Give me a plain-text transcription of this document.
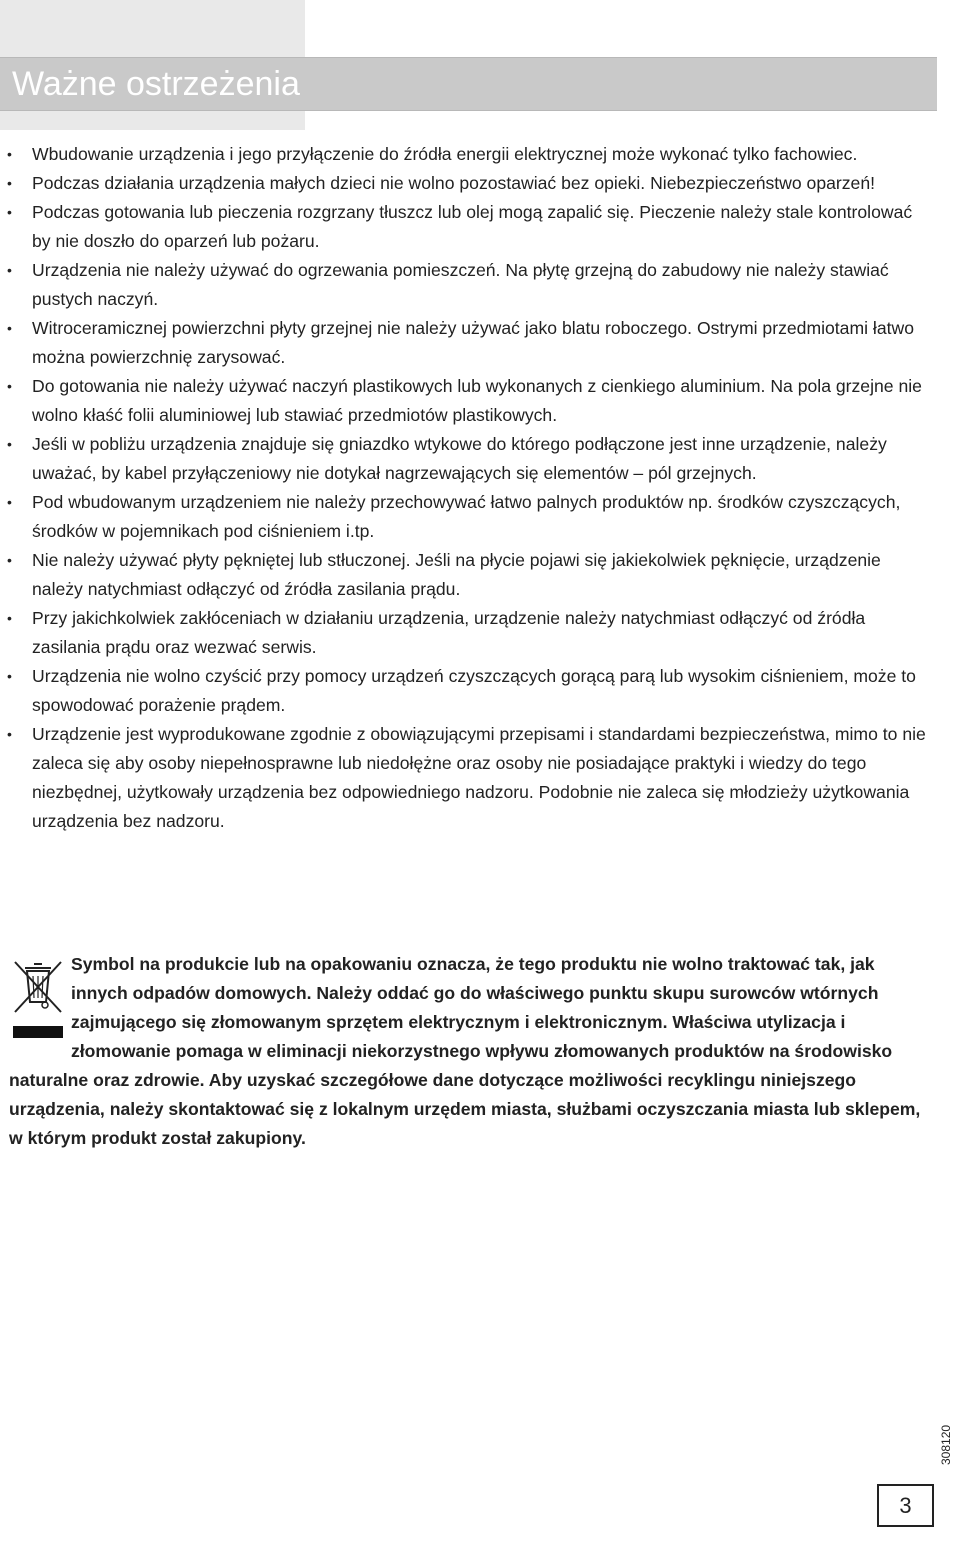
Ważne ostrzeżenia
• Wbudowanie urządzenia i jego przyłączenie do źródła energii elektrycznej może wykonać tylko fachowiec.
• Podczas działania urządzenia małych dzieci nie wolno pozostawiać bez opieki. Niebezpieczeństwo oparzeń!
• Podczas gotowania lub pieczenia rozgrzany tłuszcz lub olej mogą zapalić się. Pieczenie należy stale kontrolować by nie doszło do oparzeń lub pożaru.
• Urządzenia nie należy używać do ogrzewania pomieszczeń. Na płytę grzejną do zabudowy nie należy stawiać pustych naczyń.
• Witroceramicznej powierzchni płyty grzejnej nie należy używać jako blatu roboczego. Ostrymi przedmiotami łatwo można powierzchnię zarysować.
• Do gotowania nie należy używać naczyń plastikowych lub wykonanych z cienkiego aluminium. Na pola grzejne nie wolno kłaść folii aluminiowej lub stawiać przedmiotów plastikowych.
• Jeśli w pobliżu urządzenia znajduje się gniazdko wtykowe do którego podłączone jest inne urządzenie, należy uważać, by kabel przyłączeniowy nie dotykał nagrzewających się elementów – pól grzejnych.
• Pod wbudowanym urządzeniem nie należy przechowywać łatwo palnych produktów np. środków czyszczących, środków w pojemnikach pod ciśnieniem i.tp.
• Nie należy używać płyty pękniętej lub stłuczonej. Jeśli na płycie pojawi się jakiekolwiek pęknięcie, urządzenie należy natychmiast odłączyć od źródła zasilania prądu.
• Przy jakichkolwiek zakłóceniach w działaniu urządzenia, urządzenie należy natychmiast odłączyć od źródła zasilania prądu oraz wezwać serwis.
• Urządzenia nie wolno czyścić przy pomocy urządzeń czyszczących gorącą parą lub wysokim ciśnieniem, może to spowodować porażenie prądem.
• Urządzenie jest wyprodukowane zgodnie z obowiązującymi przepisami i standardami bezpieczeństwa, mimo to nie zaleca się aby osoby niepełnosprawne lub niedołężne oraz osoby nie posiadające praktyki i wiedzy do tego niezbędnej, użytkowały urządzenia bez odpowiedniego nadzoru. Podobnie nie zaleca się młodzieży użytkowania urządzenia bez nadzoru.

Symbol na produkcie lub na opakowaniu oznacza, że tego produktu nie wolno traktować tak, jak innych odpadów domowych. Należy oddać go do właściwego punktu skupu surowców wtórnych zajmującego się złomowanym sprzętem elektrycznym i elektronicznym. Właściwa utylizacja i złomowanie pomaga w eliminacji niekorzystnego wpływu złomowanych produktów na środowisko naturalne oraz zdrowie. Aby uzyskać szczegółowe dane dotyczące możliwości recyklingu niniejszego urządzenia, należy skontaktować się z lokalnym urzędem miasta, służbami oczyszczania miasta lub sklepem, w którym produkt został zakupiony.

308120
3
